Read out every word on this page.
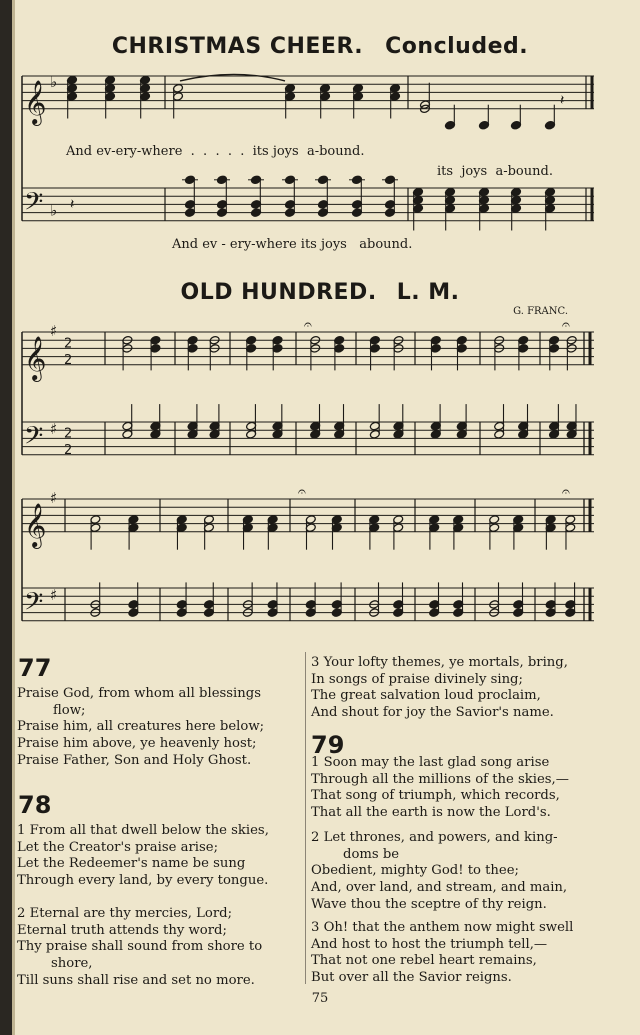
CHRISTMAS CHEER. Concluded.
OLD HUNDRED. L. M.
G. FRANC.
𝄞 ♭
𝄢 ♭
𝄽
𝄽
𝄞
♯
2
2
𝄢 ♯ 2
2
𝄐	𝄐
𝄞
♯
𝄢 ♯
𝄐	𝄐
And ev-ery-where  .  .  .  .  .  its joys  a-bound.
its  joys  a-bound.
And ev - ery-where its joys   abound.
77
Praise God, from whom all blessings
flow;
Praise him, all creatures here below;
Praise him above, ye heavenly host;
Praise Father, Son and Holy Ghost.
78
1 From all that dwell below the skies,
Let the Creator's praise arise;
Let the Redeemer's name be sung
Through every land, by every tongue.
2 Eternal are thy mercies, Lord;
Eternal truth attends thy word;
Thy praise shall sound from shore to
shore,
Till suns shall rise and set no more.
3 Your lofty themes, ye mortals, bring,
In songs of praise divinely sing;
The great salvation loud proclaim,
And shout for joy the Savior's name.
79
1 Soon may the last glad song arise
Through all the millions of the skies,—
That song of triumph, which records,
That all the earth is now the Lord's.
2 Let thrones, and powers, and king-
doms be
Obedient, mighty God! to thee;
And, over land, and stream, and main,
Wave thou the sceptre of thy reign.
3 Oh! that the anthem now might swell
And host to host the triumph tell,—
That not one rebel heart remains,
But over all the Savior reigns.
75
